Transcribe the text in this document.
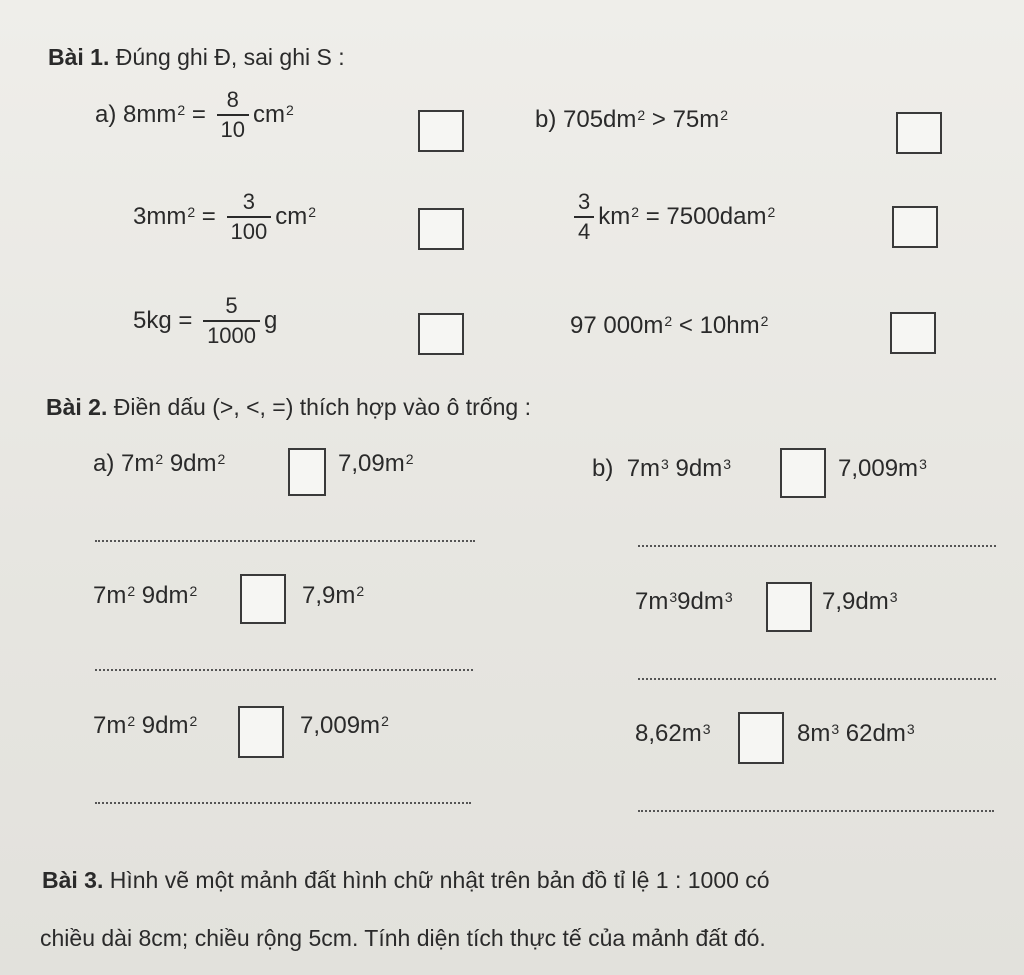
Bài 1. Đúng ghi Đ, sai ghi S :
a)
$8mm^2 = \frac{8}{10} cm^2$
$3mm^2 = \frac{3}{100} cm^2$
$5kg = \frac{5}{1000}$ g
b)
$705dm^2 > 75m^2$
$\frac{3}{4} km^2 = 7500dam^2$
97 $000m^2 < 10hm^2$
Bài 2. Điền dấu (>, <, =) thích hợp vào ô trống :
a)
$7m^2$ $9dm^2$	$7,09m^2$
$7m^2$ $9dm^2$	$7,9m^2$
$7m^2$ $9dm^2$	$7,009m^2$
b)
$7m^3$ $9dm^3$	$7,009m^3$
$7m^3$ $9dm^3$	$7,9dm^3$
$8,62m^3$	$8m^3$ $62dm^3$
Bài 3. Hình vẽ một mảnh đất hình chữ nhật trên bản đồ tỉ lệ 1 : 1000 có
chiều dài 8cm; chiều rộng 5cm. Tính diện tích thực tế của mảnh đất đó.
